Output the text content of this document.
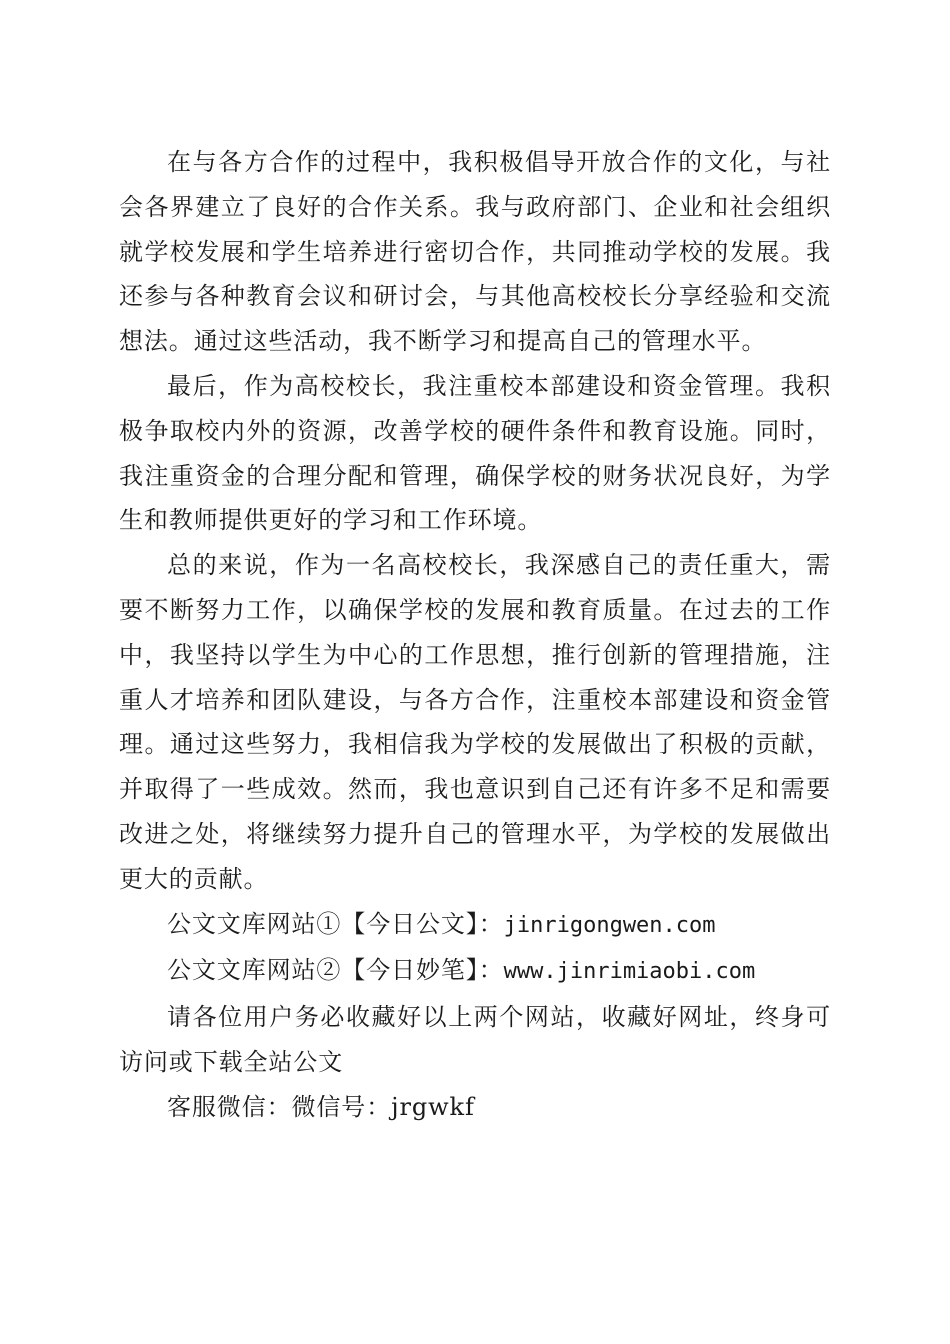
在与各方合作的过程中，我积极倡导开放合作的文化，与社会各界建立了良好的合作关系。我与政府部门、企业和社会组织就学校发展和学生培养进行密切合作，共同推动学校的发展。我还参与各种教育会议和研讨会，与其他高校校长分享经验和交流想法。通过这些活动，我不断学习和提高自己的管理水平。

最后，作为高校校长，我注重校本部建设和资金管理。我积极争取校内外的资源，改善学校的硬件条件和教育设施。同时，我注重资金的合理分配和管理，确保学校的财务状况良好，为学生和教师提供更好的学习和工作环境。

总的来说，作为一名高校校长，我深感自己的责任重大，需要不断努力工作，以确保学校的发展和教育质量。在过去的工作中，我坚持以学生为中心的工作思想，推行创新的管理措施，注重人才培养和团队建设，与各方合作，注重校本部建设和资金管理。通过这些努力，我相信我为学校的发展做出了积极的贡献，并取得了一些成效。然而，我也意识到自己还有许多不足和需要改进之处，将继续努力提升自己的管理水平，为学校的发展做出更大的贡献。

公文文库网站①【今日公文】：jinrigongwen.com

公文文库网站②【今日妙笔】：www.jinrimiaobi.com

请各位用户务必收藏好以上两个网站，收藏好网址，终身可访问或下载全站公文

客服微信：微信号：jrgwkf
